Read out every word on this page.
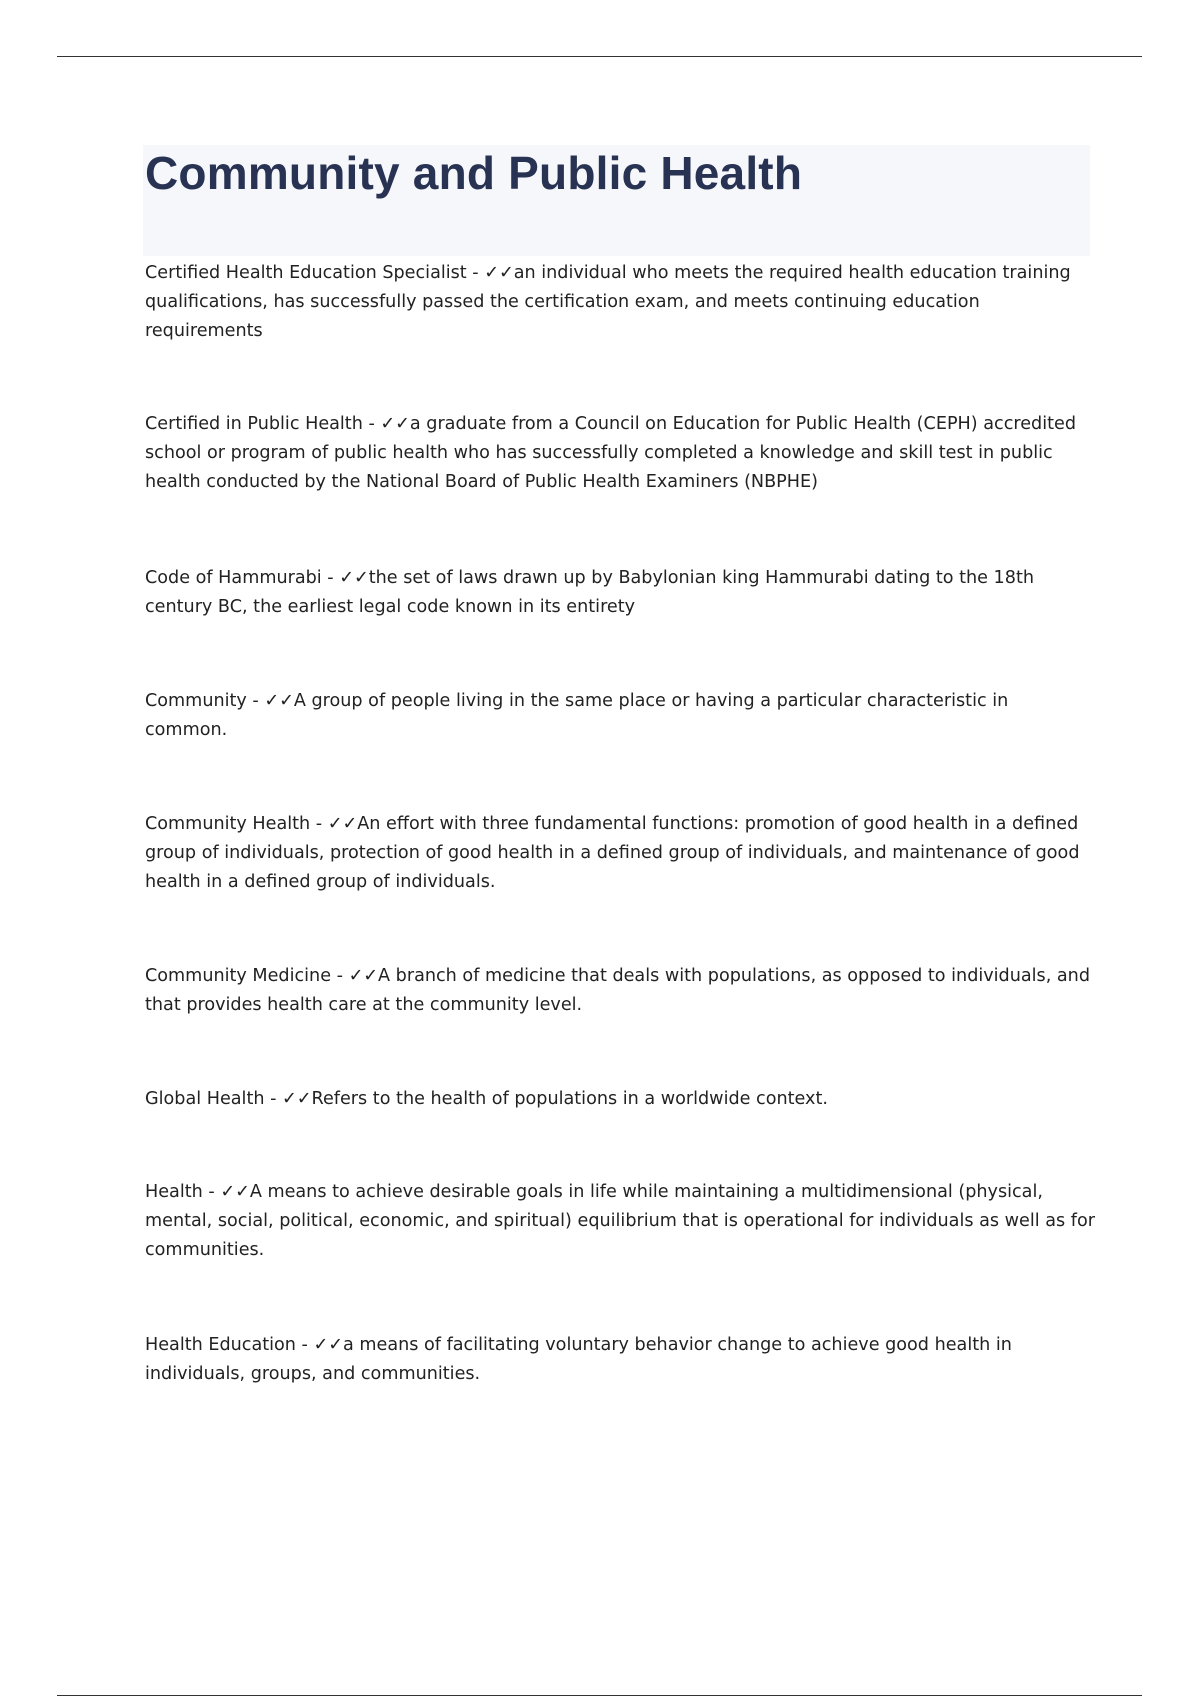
Community and Public Health

Certified Health Education Specialist - ✓✓an individual who meets the required health education training qualifications, has successfully passed the certification exam, and meets continuing education requirements

Certified in Public Health - ✓✓a graduate from a Council on Education for Public Health (CEPH) accredited school or program of public health who has successfully completed a knowledge and skill test in public health conducted by the National Board of Public Health Examiners (NBPHE)

Code of Hammurabi - ✓✓the set of laws drawn up by Babylonian king Hammurabi dating to the 18th century BC, the earliest legal code known in its entirety

Community - ✓✓A group of people living in the same place or having a particular characteristic in common.

Community Health - ✓✓An effort with three fundamental functions: promotion of good health in a defined group of individuals, protection of good health in a defined group of individuals, and maintenance of good health in a defined group of individuals.

Community Medicine - ✓✓A branch of medicine that deals with populations, as opposed to individuals, and that provides health care at the community level.

Global Health - ✓✓Refers to the health of populations in a worldwide context.

Health - ✓✓A means to achieve desirable goals in life while maintaining a multidimensional (physical, mental, social, political, economic, and spiritual) equilibrium that is operational for individuals as well as for communities.

Health Education - ✓✓a means of facilitating voluntary behavior change to achieve good health in individuals, groups, and communities.
